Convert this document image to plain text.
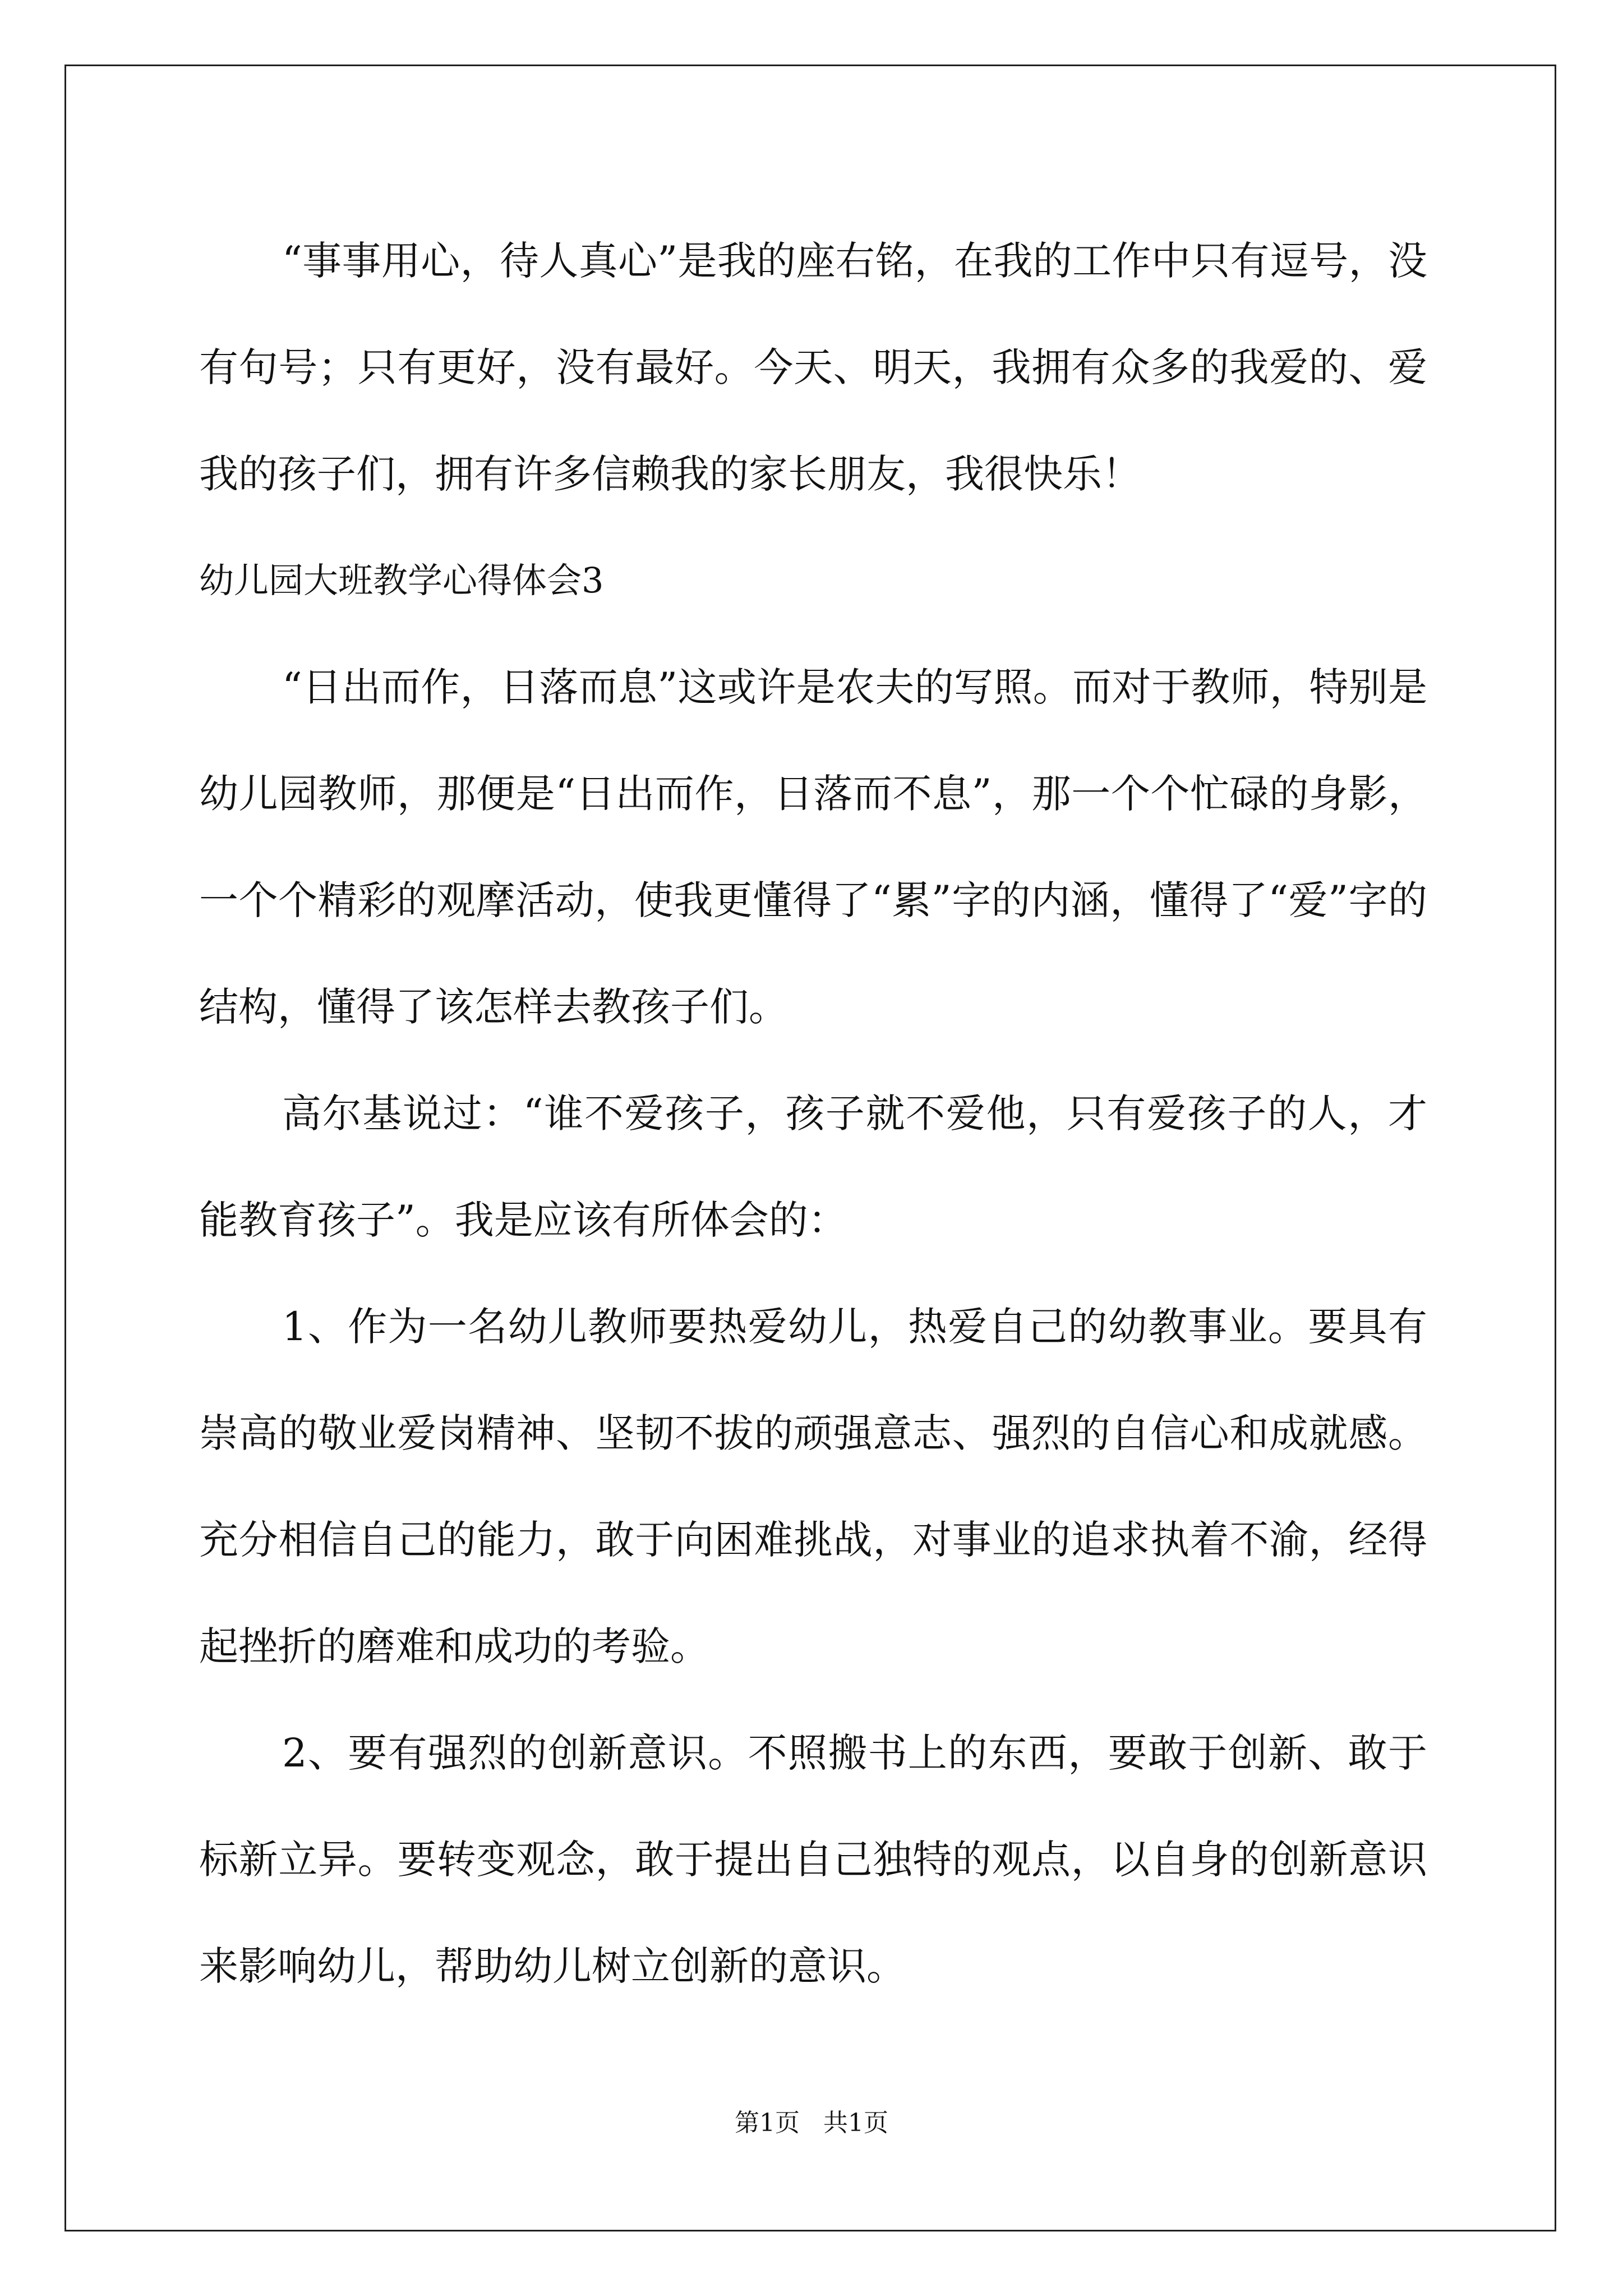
“事事用心，待人真心”是我的座右铭，在我的工作中只有逗号，没有句号；只有更好，没有最好。今天、明天，我拥有众多的我爱的、爱我的孩子们，拥有许多信赖我的家长朋友，我很快乐！

幼儿园大班教学心得体会3

“日出而作，日落而息”这或许是农夫的写照。而对于教师，特别是幼儿园教师，那便是“日出而作，日落而不息”，那一个个忙碌的身影，一个个精彩的观摩活动，使我更懂得了“累”字的内涵，懂得了“爱”字的结构，懂得了该怎样去教孩子们。

高尔基说过：“谁不爱孩子，孩子就不爱他，只有爱孩子的人，才能教育孩子”。我是应该有所体会的：

1、作为一名幼儿教师要热爱幼儿，热爱自己的幼教事业。要具有崇高的敬业爱岗精神、坚韧不拔的顽强意志、强烈的自信心和成就感。充分相信自己的能力，敢于向困难挑战，对事业的追求执着不渝，经得起挫折的磨难和成功的考验。

2、要有强烈的创新意识。不照搬书上的东西，要敢于创新、敢于标新立异。要转变观念，敢于提出自己独特的观点，以自身的创新意识来影响幼儿，帮助幼儿树立创新的意识。

第1页 共1页
